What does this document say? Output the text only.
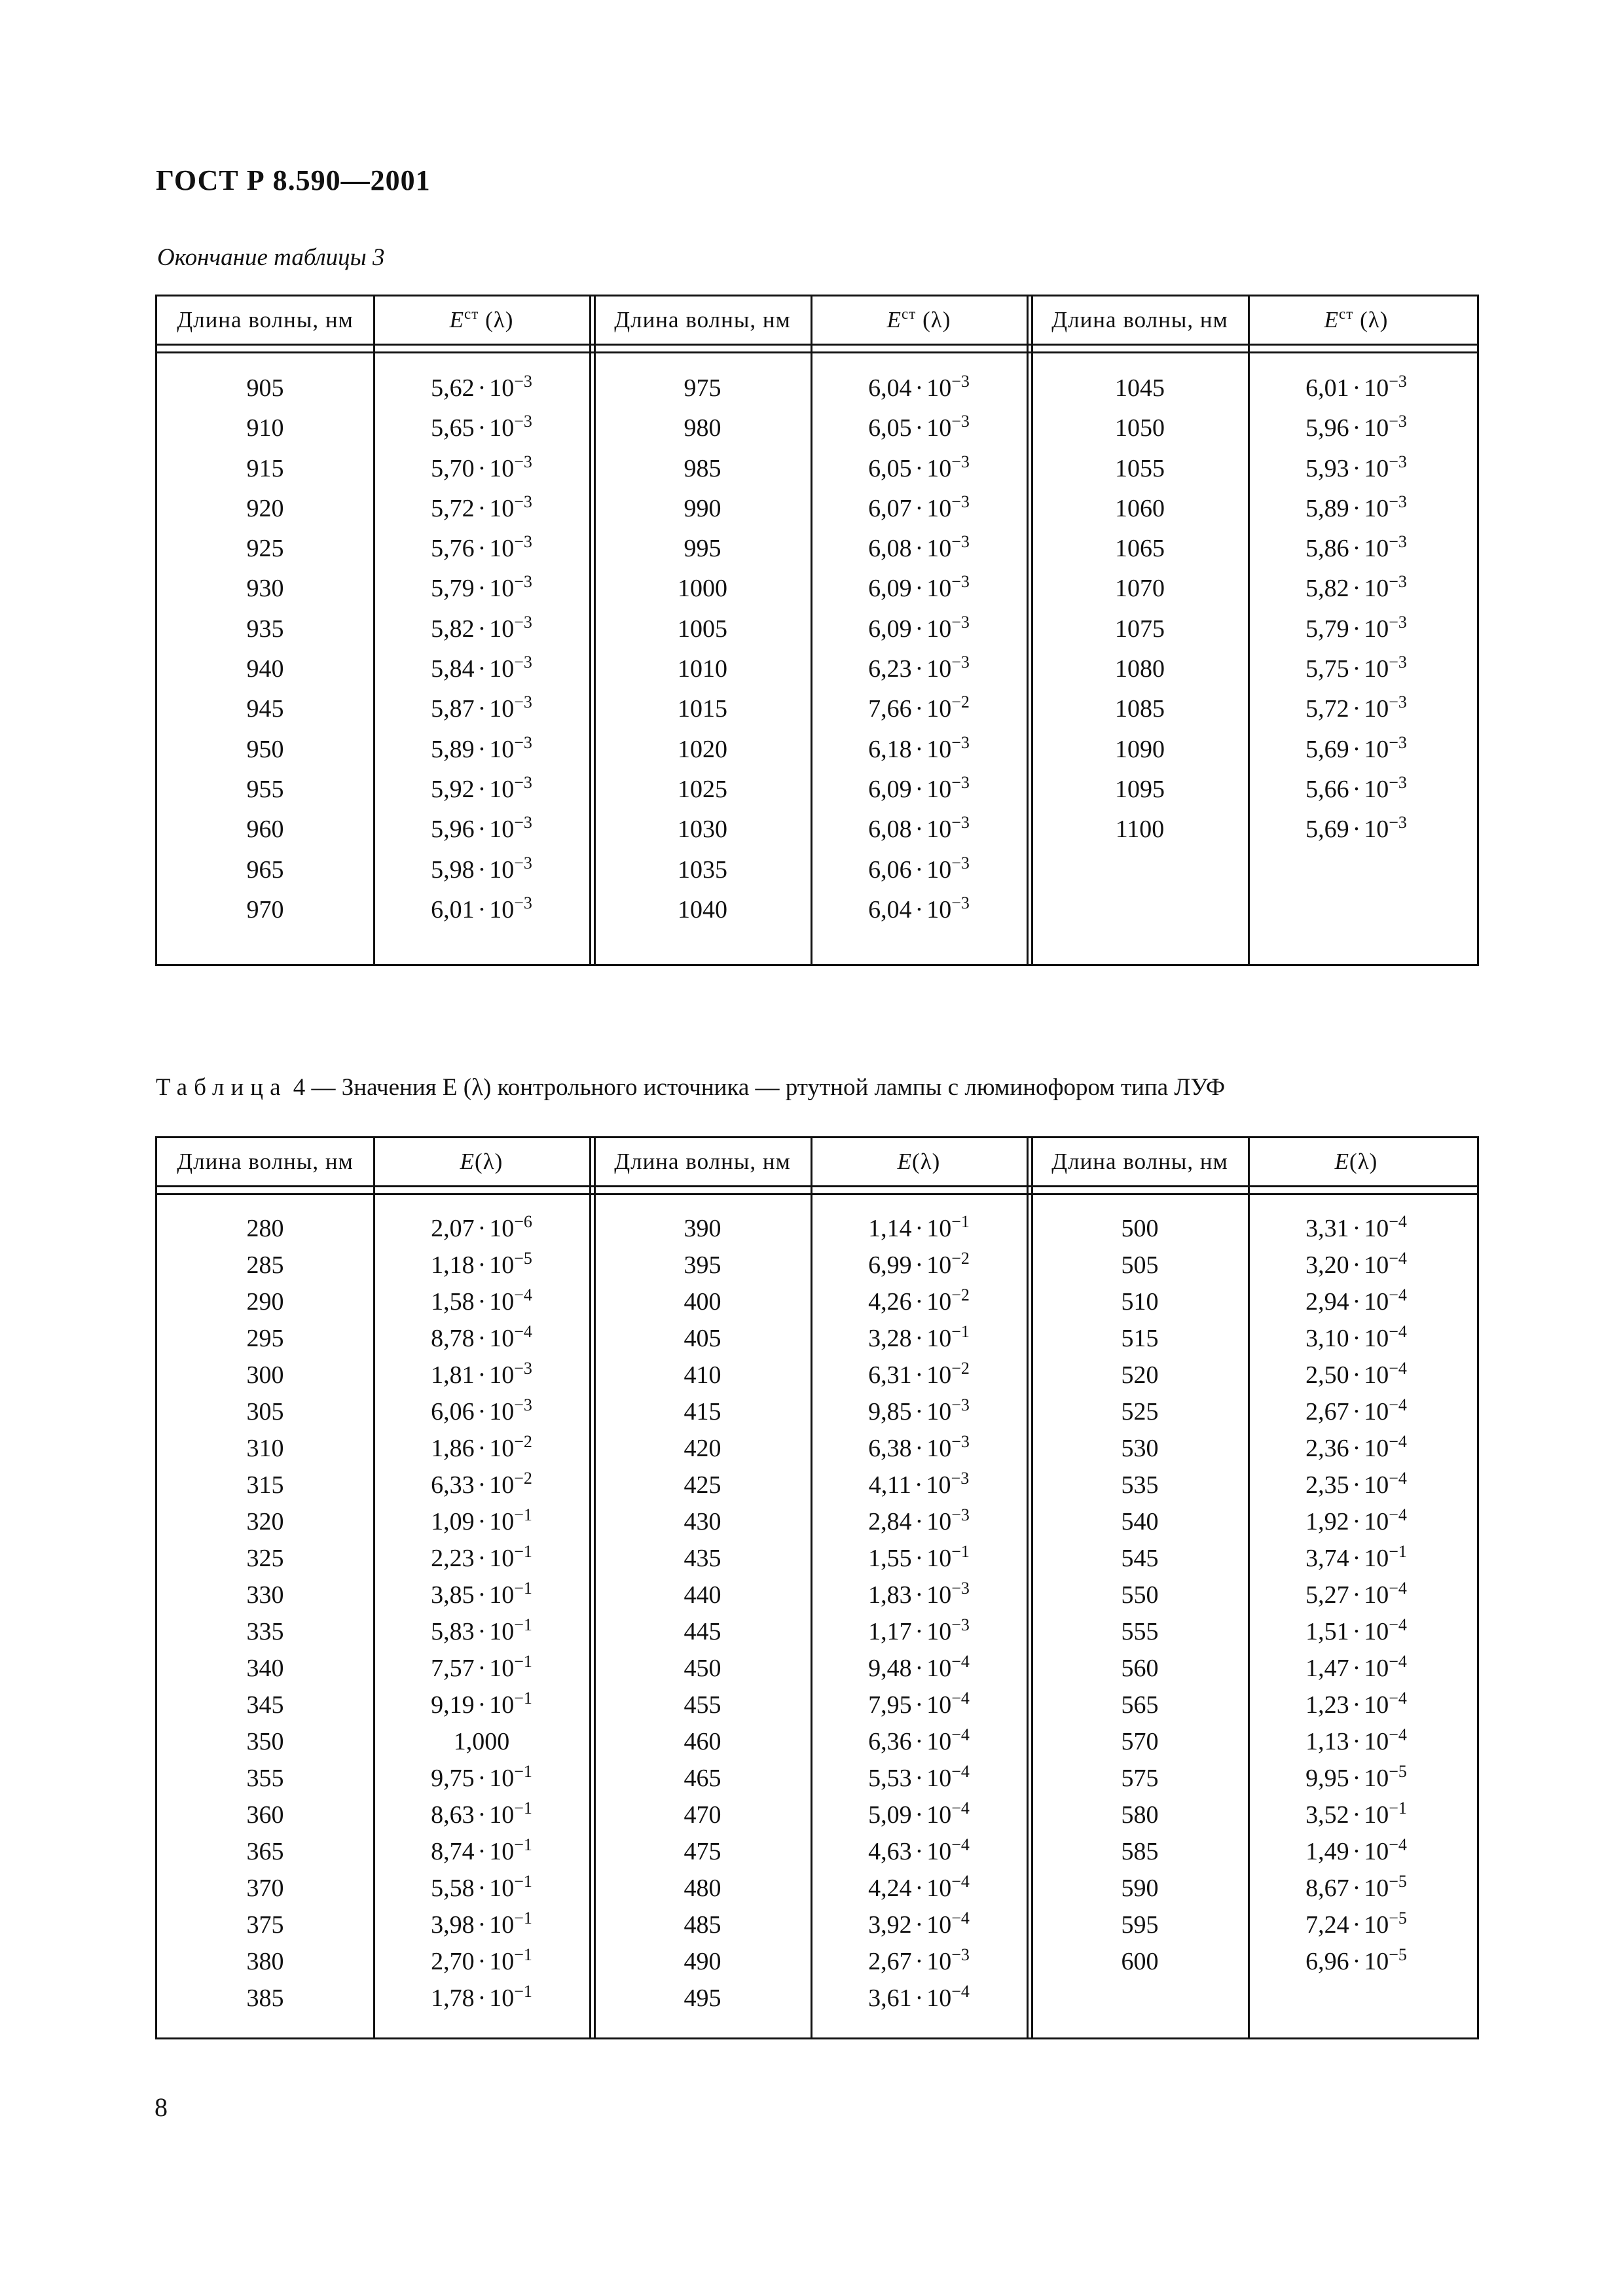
ГОСТ Р 8.590—2001
Окончание таблицы 3
Длина волны, нм	$E^{ст}$ (λ)
905	$5,62 \cdot 10^{-3}$
910	$5,65 \cdot 10^{-3}$
915	$5,70 \cdot 10^{-3}$
920	$5,72 \cdot 10^{-3}$
925	$5,76 \cdot 10^{-3}$
930	$5,79 \cdot 10^{-3}$
935	$5,82 \cdot 10^{-3}$
940	$5,84 \cdot 10^{-3}$
945	$5,87 \cdot 10^{-3}$
950	$5,89 \cdot 10^{-3}$
955	$5,92 \cdot 10^{-3}$
960	$5,96 \cdot 10^{-3}$
965	$5,98 \cdot 10^{-3}$
970	$6,01 \cdot 10^{-3}$
Длина волны, нм	$E^{ст}$ (λ)
975	$6,04 \cdot 10^{-3}$
980	$6,05 \cdot 10^{-3}$
985	$6,05 \cdot 10^{-3}$
990	$6,07 \cdot 10^{-3}$
995	$6,08 \cdot 10^{-3}$
1000	$6,09 \cdot 10^{-3}$
1005	$6,09 \cdot 10^{-3}$
1010	$6,23 \cdot 10^{-3}$
1015	$7,66 \cdot 10^{-2}$
1020	$6,18 \cdot 10^{-3}$
1025	$6,09 \cdot 10^{-3}$
1030	$6,08 \cdot 10^{-3}$
1035	$6,06 \cdot 10^{-3}$
1040	$6,04 \cdot 10^{-3}$
Длина волны, нм	$E^{ст}$ (λ)
1045	$6,01 \cdot 10^{-3}$
1050	$5,96 \cdot 10^{-3}$
1055	$5,93 \cdot 10^{-3}$
1060	$5,89 \cdot 10^{-3}$
1065	$5,86 \cdot 10^{-3}$
1070	$5,82 \cdot 10^{-3}$
1075	$5,79 \cdot 10^{-3}$
1080	$5,75 \cdot 10^{-3}$
1085	$5,72 \cdot 10^{-3}$
1090	$5,69 \cdot 10^{-3}$
1095	$5,66 \cdot 10^{-3}$
1100	$5,69 \cdot 10^{-3}$
Таблица 4 — Значения E (λ) контрольного источника — ртутной лампы с люминофором типа ЛУФ
Длина волны, нм	E(λ)
280	$2,07 \cdot 10^{-6}$
285	$1,18 \cdot 10^{-5}$
290	$1,58 \cdot 10^{-4}$
295	$8,78 \cdot 10^{-4}$
300	$1,81 \cdot 10^{-3}$
305	$6,06 \cdot 10^{-3}$
310	$1,86 \cdot 10^{-2}$
315	$6,33 \cdot 10^{-2}$
320	$1,09 \cdot 10^{-1}$
325	$2,23 \cdot 10^{-1}$
330	$3,85 \cdot 10^{-1}$
335	$5,83 \cdot 10^{-1}$
340	$7,57 \cdot 10^{-1}$
345	$9,19 \cdot 10^{-1}$
350	1,000
355	$9,75 \cdot 10^{-1}$
360	$8,63 \cdot 10^{-1}$
365	$8,74 \cdot 10^{-1}$
370	$5,58 \cdot 10^{-1}$
375	$3,98 \cdot 10^{-1}$
380	$2,70 \cdot 10^{-1}$
385	$1,78 \cdot 10^{-1}$
Длина волны, нм	E(λ)
390	$1,14 \cdot 10^{-1}$
395	$6,99 \cdot 10^{-2}$
400	$4,26 \cdot 10^{-2}$
405	$3,28 \cdot 10^{-1}$
410	$6,31 \cdot 10^{-2}$
415	$9,85 \cdot 10^{-3}$
420	$6,38 \cdot 10^{-3}$
425	$4,11 \cdot 10^{-3}$
430	$2,84 \cdot 10^{-3}$
435	$1,55 \cdot 10^{-1}$
440	$1,83 \cdot 10^{-3}$
445	$1,17 \cdot 10^{-3}$
450	$9,48 \cdot 10^{-4}$
455	$7,95 \cdot 10^{-4}$
460	$6,36 \cdot 10^{-4}$
465	$5,53 \cdot 10^{-4}$
470	$5,09 \cdot 10^{-4}$
475	$4,63 \cdot 10^{-4}$
480	$4,24 \cdot 10^{-4}$
485	$3,92 \cdot 10^{-4}$
490	$2,67 \cdot 10^{-3}$
495	$3,61 \cdot 10^{-4}$
Длина волны, нм	E(λ)
500	$3,31 \cdot 10^{-4}$
505	$3,20 \cdot 10^{-4}$
510	$2,94 \cdot 10^{-4}$
515	$3,10 \cdot 10^{-4}$
520	$2,50 \cdot 10^{-4}$
525	$2,67 \cdot 10^{-4}$
530	$2,36 \cdot 10^{-4}$
535	$2,35 \cdot 10^{-4}$
540	$1,92 \cdot 10^{-4}$
545	$3,74 \cdot 10^{-1}$
550	$5,27 \cdot 10^{-4}$
555	$1,51 \cdot 10^{-4}$
560	$1,47 \cdot 10^{-4}$
565	$1,23 \cdot 10^{-4}$
570	$1,13 \cdot 10^{-4}$
575	$9,95 \cdot 10^{-5}$
580	$3,52 \cdot 10^{-1}$
585	$1,49 \cdot 10^{-4}$
590	$8,67 \cdot 10^{-5}$
595	$7,24 \cdot 10^{-5}$
600	$6,96 \cdot 10^{-5}$
8
